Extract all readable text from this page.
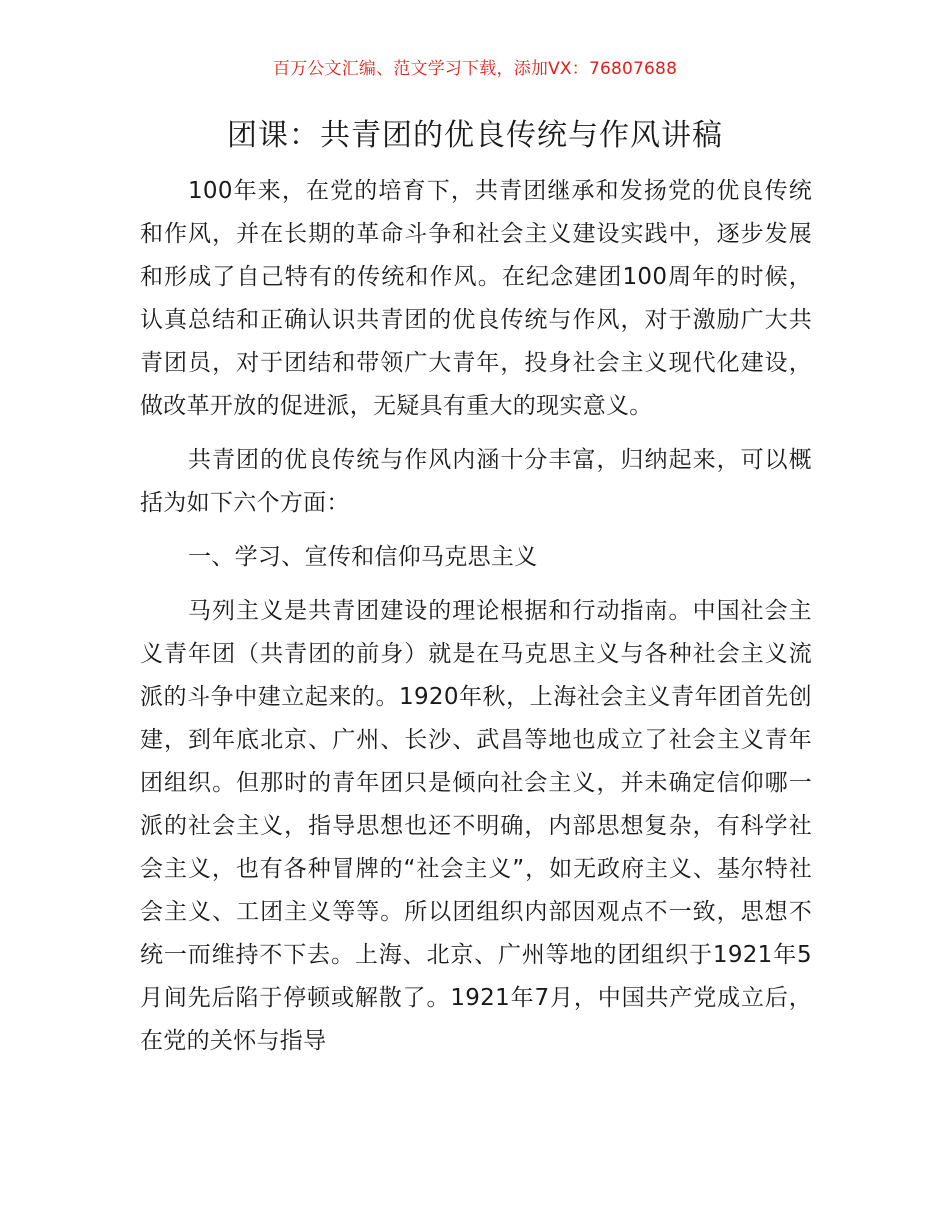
百万公文汇编、范文学习下载，添加VX：76807688
团课：共青团的优良传统与作风讲稿

100年来，在党的培育下，共青团继承和发扬党的优良传统和作风，并在长期的革命斗争和社会主义建设实践中，逐步发展和形成了自己特有的传统和作风。在纪念建团100周年的时候，认真总结和正确认识共青团的优良传统与作风，对于激励广大共青团员，对于团结和带领广大青年，投身社会主义现代化建设，做改革开放的促进派，无疑具有重大的现实意义。

共青团的优良传统与作风内涵十分丰富，归纳起来，可以概括为如下六个方面：

一、学习、宣传和信仰马克思主义

马列主义是共青团建设的理论根据和行动指南。中国社会主义青年团（共青团的前身）就是在马克思主义与各种社会主义流派的斗争中建立起来的。1920年秋，上海社会主义青年团首先创建，到年底北京、广州、长沙、武昌等地也成立了社会主义青年团组织。但那时的青年团只是倾向社会主义，并未确定信仰哪一派的社会主义，指导思想也还不明确，内部思想复杂，有科学社会主义，也有各种冒牌的“社会主义”，如无政府主义、基尔特社会主义、工团主义等等。所以团组织内部因观点不一致，思想不统一而维持不下去。上海、北京、广州等地的团组织于1921年5月间先后陷于停顿或解散了。1921年7月，中国共产党成立后，在党的关怀与指导
